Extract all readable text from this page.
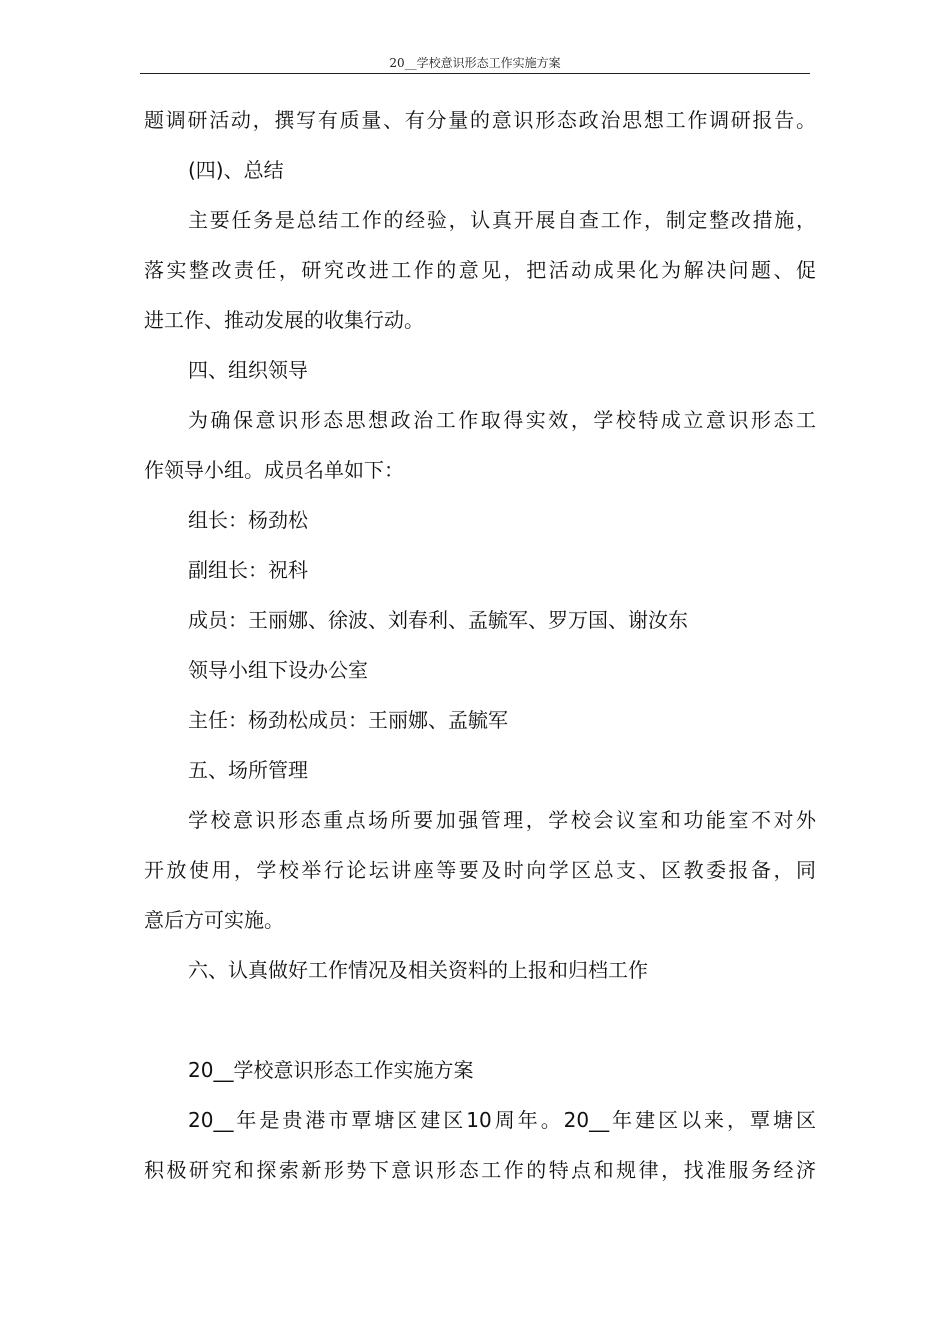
20__学校意识形态工作实施方案
题调研活动，撰写有质量、有分量的意识形态政治思想工作调研报告。
(四)、总结
主要任务是总结工作的经验，认真开展自查工作，制定整改措施，
落实整改责任，研究改进工作的意见，把活动成果化为解决问题、促
进工作、推动发展的收集行动。
四、组织领导
为确保意识形态思想政治工作取得实效，学校特成立意识形态工
作领导小组。成员名单如下：
组长：杨劲松
副组长：祝科
成员：王丽娜、徐波、刘春利、孟毓军、罗万国、谢汝东
领导小组下设办公室
主任：杨劲松成员：王丽娜、孟毓军
五、场所管理
学校意识形态重点场所要加强管理，学校会议室和功能室不对外
开放使用，学校举行论坛讲座等要及时向学区总支、区教委报备，同
意后方可实施。
六、认真做好工作情况及相关资料的上报和归档工作
20__学校意识形态工作实施方案
20__年是贵港市覃塘区建区10周年。20__年建区以来，覃塘区
积极研究和探索新形势下意识形态工作的特点和规律，找准服务经济
